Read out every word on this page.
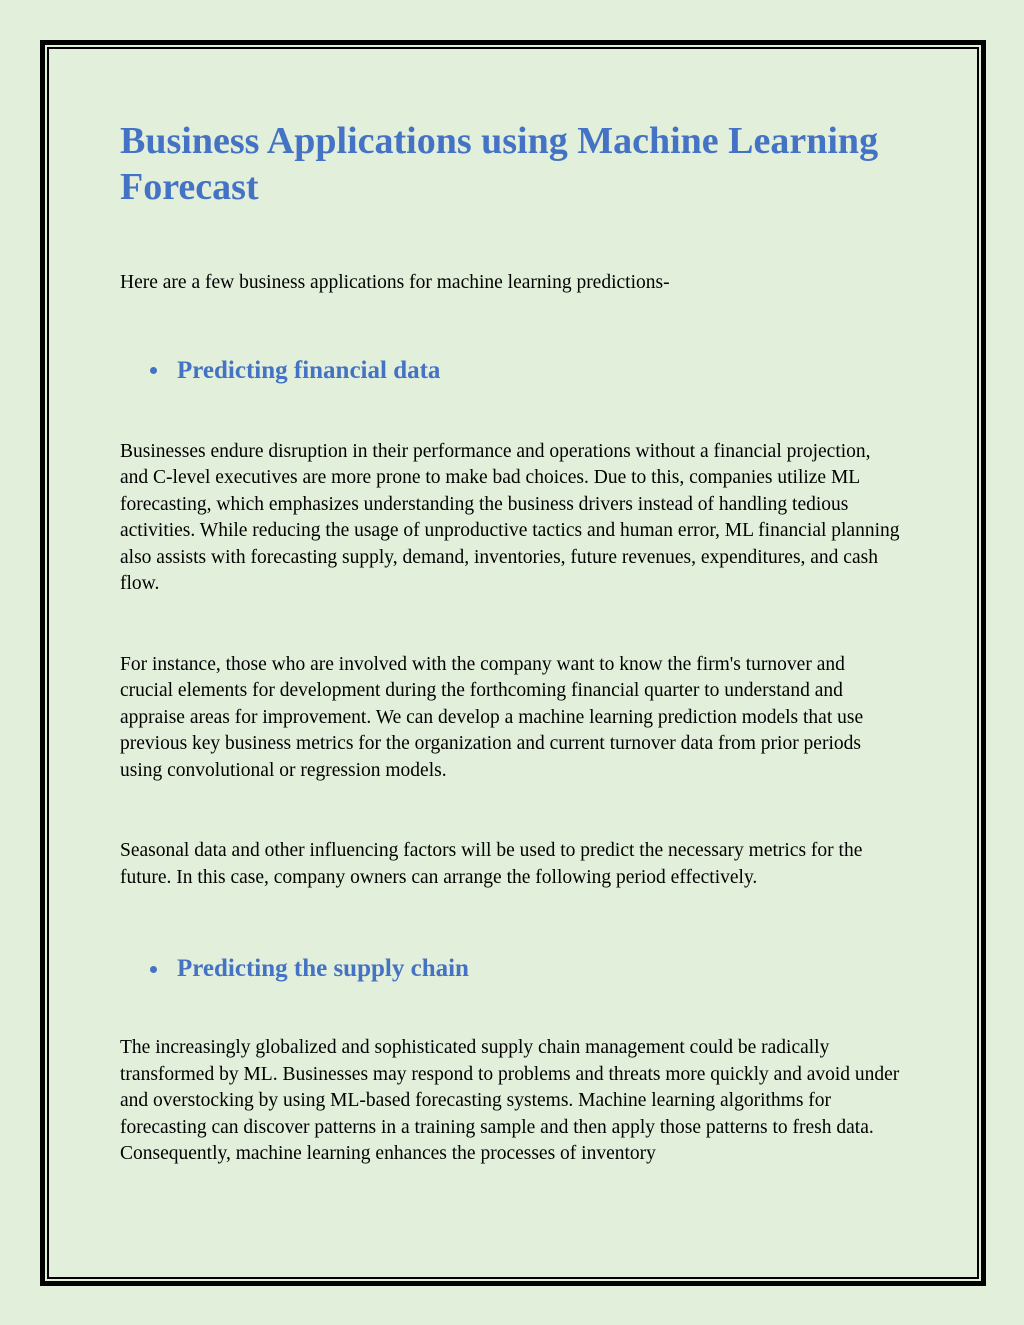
Business Applications using Machine Learning Forecast

Here are a few business applications for machine learning predictions-

Predicting financial data

Businesses endure disruption in their performance and operations without a financial projection, and C-level executives are more prone to make bad choices. Due to this, companies utilize ML forecasting, which emphasizes understanding the business drivers instead of handling tedious activities. While reducing the usage of unproductive tactics and human error, ML financial planning also assists with forecasting supply, demand, inventories, future revenues, expenditures, and cash flow.

For instance, those who are involved with the company want to know the firm's turnover and crucial elements for development during the forthcoming financial quarter to understand and appraise areas for improvement. We can develop a machine learning prediction models that use previous key business metrics for the organization and current turnover data from prior periods using convolutional or regression models.

Seasonal data and other influencing factors will be used to predict the necessary metrics for the future. In this case, company owners can arrange the following period effectively.

Predicting the supply chain

The increasingly globalized and sophisticated supply chain management could be radically transformed by ML. Businesses may respond to problems and threats more quickly and avoid under and overstocking by using ML-based forecasting systems. Machine learning algorithms for forecasting can discover patterns in a training sample and then apply those patterns to fresh data. Consequently, machine learning enhances the processes of inventory
